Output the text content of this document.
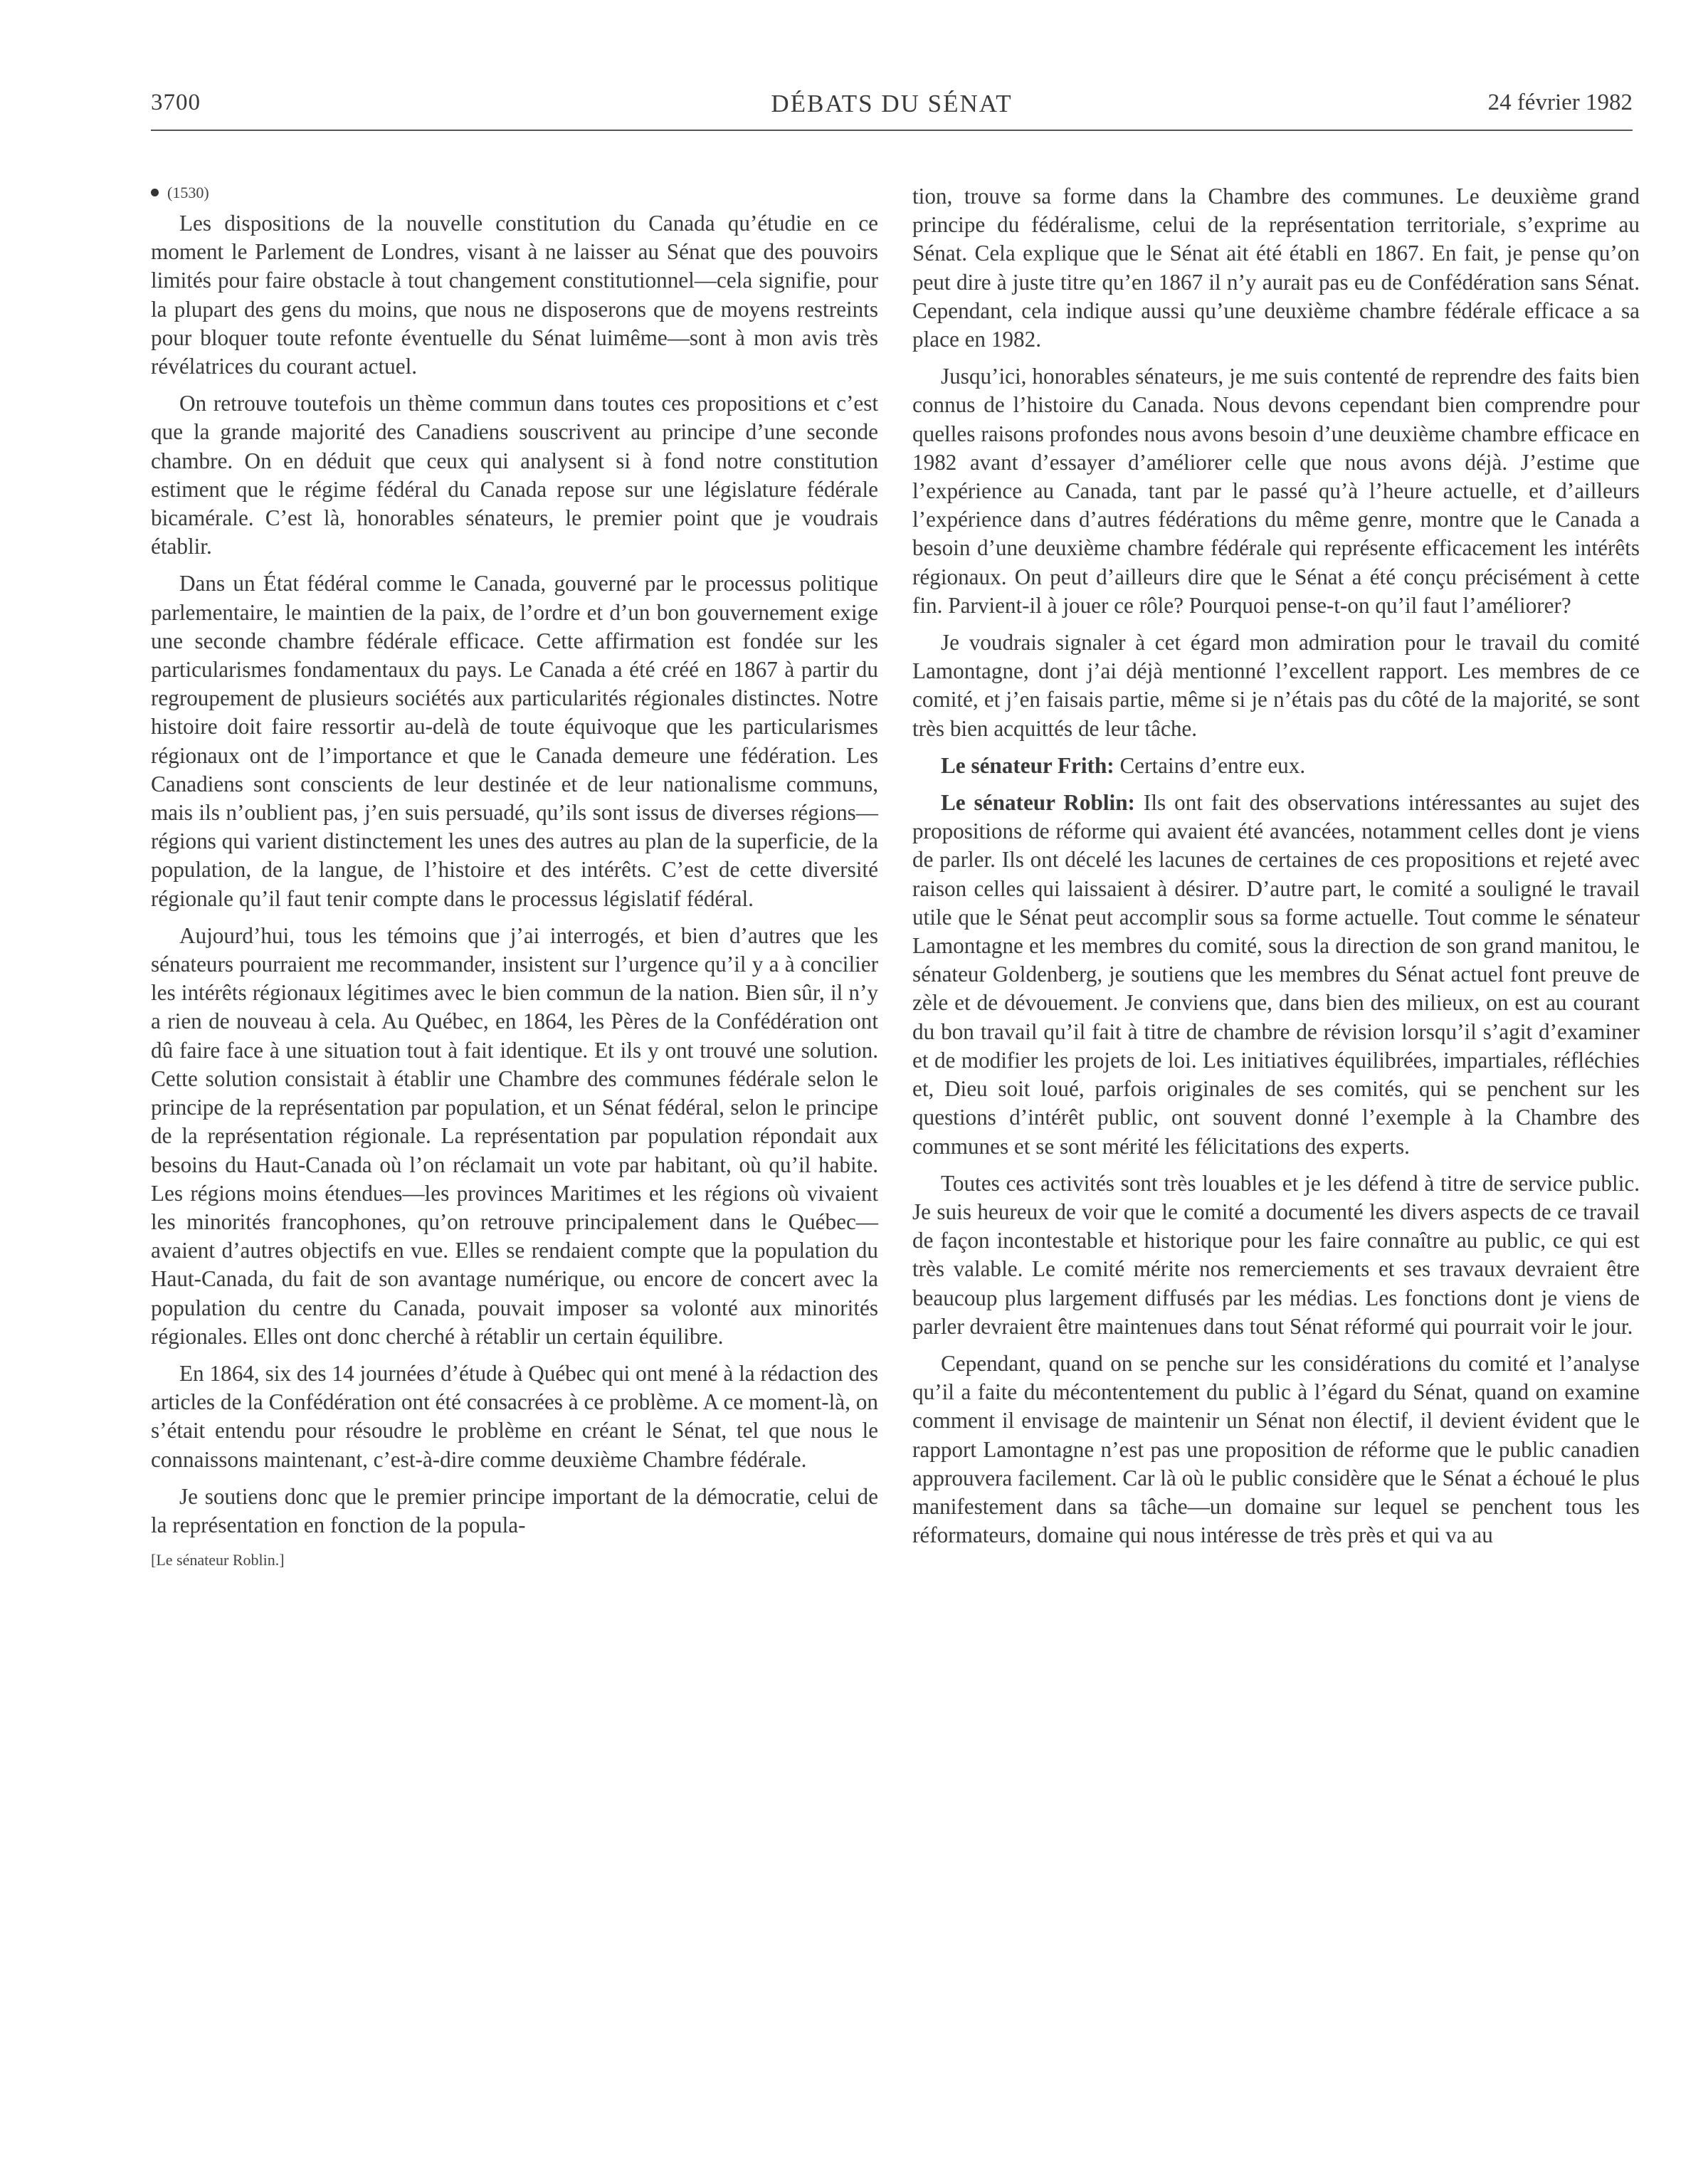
3700	DÉBATS DU SÉNAT	24 février 1982
(1530)

Les dispositions de la nouvelle constitution du Canada qu’étudie en ce moment le Parlement de Londres, visant à ne laisser au Sénat que des pouvoirs limités pour faire obstacle à tout changement constitutionnel—cela signifie, pour la plupart des gens du moins, que nous ne disposerons que de moyens restreints pour bloquer toute refonte éventuelle du Sénat luimême—sont à mon avis très révélatrices du courant actuel.

On retrouve toutefois un thème commun dans toutes ces propositions et c’est que la grande majorité des Canadiens souscrivent au principe d’une seconde chambre. On en déduit que ceux qui analysent si à fond notre constitution estiment que le régime fédéral du Canada repose sur une législature fédérale bicamérale. C’est là, honorables sénateurs, le premier point que je voudrais établir.

Dans un État fédéral comme le Canada, gouverné par le processus politique parlementaire, le maintien de la paix, de l’ordre et d’un bon gouvernement exige une seconde chambre fédérale efficace. Cette affirmation est fondée sur les particularismes fondamentaux du pays. Le Canada a été créé en 1867 à partir du regroupement de plusieurs sociétés aux particularités régionales distinctes. Notre histoire doit faire ressortir au-delà de toute équivoque que les particularismes régionaux ont de l’importance et que le Canada demeure une fédération. Les Canadiens sont conscients de leur destinée et de leur nationalisme communs, mais ils n’oublient pas, j’en suis persuadé, qu’ils sont issus de diverses régions—régions qui varient distinctement les unes des autres au plan de la superficie, de la population, de la langue, de l’histoire et des intérêts. C’est de cette diversité régionale qu’il faut tenir compte dans le processus législatif fédéral.

Aujourd’hui, tous les témoins que j’ai interrogés, et bien d’autres que les sénateurs pourraient me recommander, insistent sur l’urgence qu’il y a à concilier les intérêts régionaux légitimes avec le bien commun de la nation. Bien sûr, il n’y a rien de nouveau à cela. Au Québec, en 1864, les Pères de la Confédération ont dû faire face à une situation tout à fait identique. Et ils y ont trouvé une solution. Cette solution consistait à établir une Chambre des communes fédérale selon le principe de la représentation par population, et un Sénat fédéral, selon le principe de la représentation régionale. La représentation par population répondait aux besoins du Haut-Canada où l’on réclamait un vote par habitant, où qu’il habite. Les régions moins étendues—les provinces Maritimes et les régions où vivaient les minorités francophones, qu’on retrouve principalement dans le Québec—avaient d’autres objectifs en vue. Elles se rendaient compte que la population du Haut-Canada, du fait de son avantage numérique, ou encore de concert avec la population du centre du Canada, pouvait imposer sa volonté aux minorités régionales. Elles ont donc cherché à rétablir un certain équilibre.

En 1864, six des 14 journées d’étude à Québec qui ont mené à la rédaction des articles de la Confédération ont été consacrées à ce problème. A ce moment-là, on s’était entendu pour résoudre le problème en créant le Sénat, tel que nous le connaissons maintenant, c’est-à-dire comme deuxième Chambre fédérale.

Je soutiens donc que le premier principe important de la démocratie, celui de la représentation en fonction de la popula-

[Le sénateur Roblin.]

tion, trouve sa forme dans la Chambre des communes. Le deuxième grand principe du fédéralisme, celui de la représentation territoriale, s’exprime au Sénat. Cela explique que le Sénat ait été établi en 1867. En fait, je pense qu’on peut dire à juste titre qu’en 1867 il n’y aurait pas eu de Confédération sans Sénat. Cependant, cela indique aussi qu’une deuxième chambre fédérale efficace a sa place en 1982.

Jusqu’ici, honorables sénateurs, je me suis contenté de reprendre des faits bien connus de l’histoire du Canada. Nous devons cependant bien comprendre pour quelles raisons profondes nous avons besoin d’une deuxième chambre efficace en 1982 avant d’essayer d’améliorer celle que nous avons déjà. J’estime que l’expérience au Canada, tant par le passé qu’à l’heure actuelle, et d’ailleurs l’expérience dans d’autres fédérations du même genre, montre que le Canada a besoin d’une deuxième chambre fédérale qui représente efficacement les intérêts régionaux. On peut d’ailleurs dire que le Sénat a été conçu précisément à cette fin. Parvient-il à jouer ce rôle? Pourquoi pense-t-on qu’il faut l’améliorer?

Je voudrais signaler à cet égard mon admiration pour le travail du comité Lamontagne, dont j’ai déjà mentionné l’excellent rapport. Les membres de ce comité, et j’en faisais partie, même si je n’étais pas du côté de la majorité, se sont très bien acquittés de leur tâche.

Le sénateur Frith: Certains d’entre eux.

Le sénateur Roblin: Ils ont fait des observations intéressantes au sujet des propositions de réforme qui avaient été avancées, notamment celles dont je viens de parler. Ils ont décelé les lacunes de certaines de ces propositions et rejeté avec raison celles qui laissaient à désirer. D’autre part, le comité a souligné le travail utile que le Sénat peut accomplir sous sa forme actuelle. Tout comme le sénateur Lamontagne et les membres du comité, sous la direction de son grand manitou, le sénateur Goldenberg, je soutiens que les membres du Sénat actuel font preuve de zèle et de dévouement. Je conviens que, dans bien des milieux, on est au courant du bon travail qu’il fait à titre de chambre de révision lorsqu’il s’agit d’examiner et de modifier les projets de loi. Les initiatives équilibrées, impartiales, réfléchies et, Dieu soit loué, parfois originales de ses comités, qui se penchent sur les questions d’intérêt public, ont souvent donné l’exemple à la Chambre des communes et se sont mérité les félicitations des experts.

Toutes ces activités sont très louables et je les défend à titre de service public. Je suis heureux de voir que le comité a documenté les divers aspects de ce travail de façon incontestable et historique pour les faire connaître au public, ce qui est très valable. Le comité mérite nos remerciements et ses travaux devraient être beaucoup plus largement diffusés par les médias. Les fonctions dont je viens de parler devraient être maintenues dans tout Sénat réformé qui pourrait voir le jour.

Cependant, quand on se penche sur les considérations du comité et l’analyse qu’il a faite du mécontentement du public à l’égard du Sénat, quand on examine comment il envisage de maintenir un Sénat non électif, il devient évident que le rapport Lamontagne n’est pas une proposition de réforme que le public canadien approuvera facilement. Car là où le public considère que le Sénat a échoué le plus manifestement dans sa tâche—un domaine sur lequel se penchent tous les réformateurs, domaine qui nous intéresse de très près et qui va au
